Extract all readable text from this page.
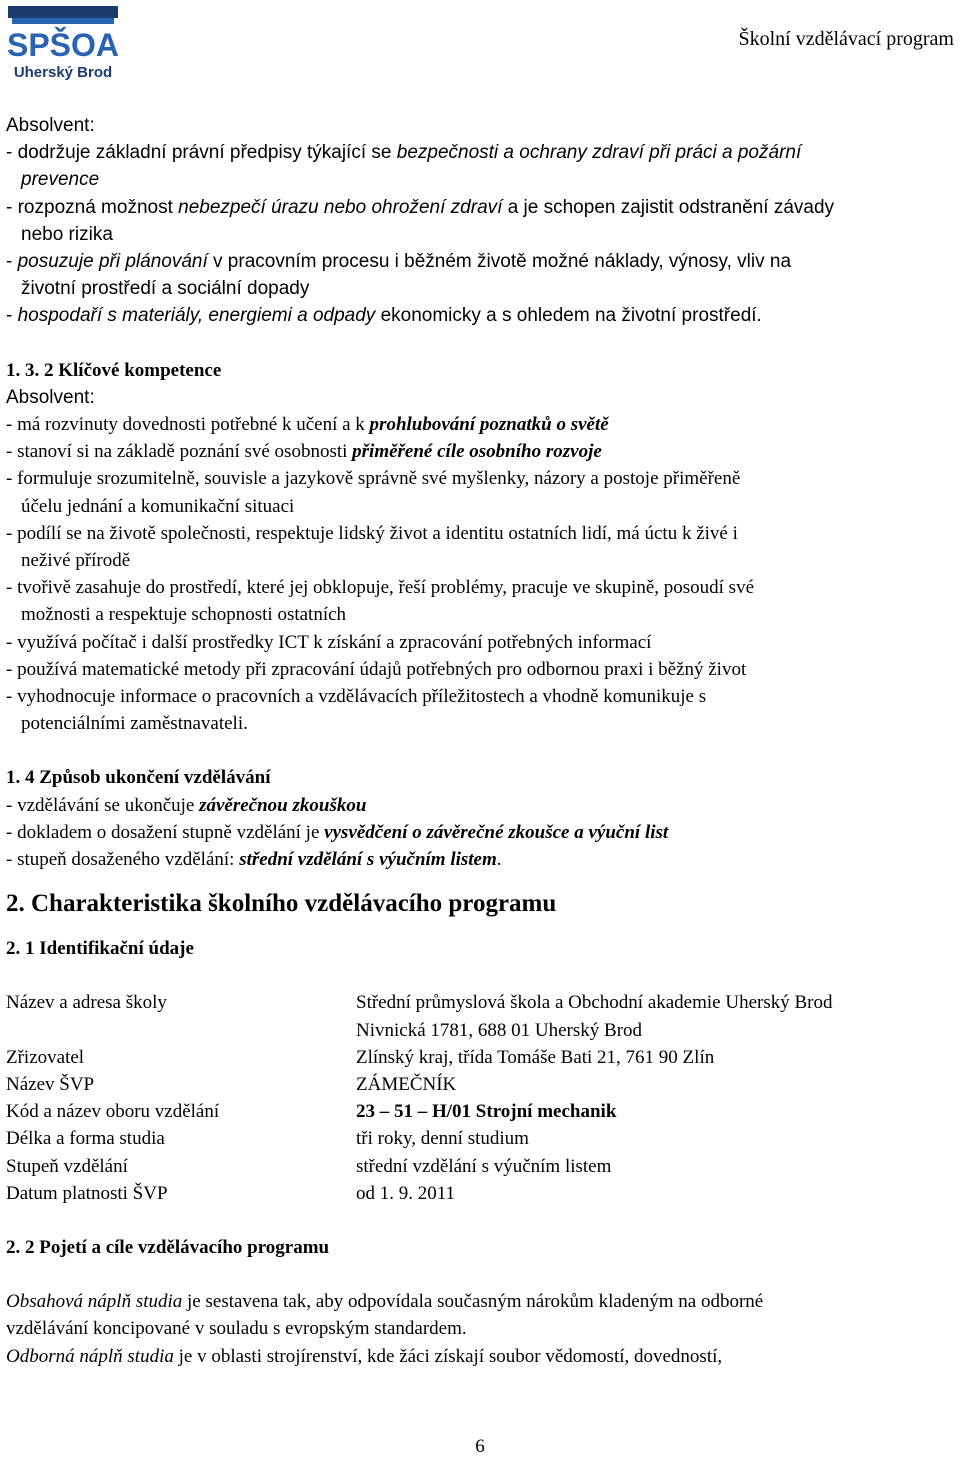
SPŠOA
Uherský Brod
Školní vzdělávací program
Absolvent:
- dodržuje základní právní předpisy týkající se bezpečnosti a ochrany zdraví při práci a požární
prevence
- rozpozná možnost nebezpečí úrazu nebo ohrožení zdraví a je schopen zajistit odstranění závady
nebo rizika
- posuzuje při plánování v pracovním procesu i běžném životě možné náklady, výnosy, vliv na
životní prostředí a sociální dopady
- hospodaří s materiály, energiemi a odpady ekonomicky a s ohledem na životní prostředí.
1. 3. 2 Klíčové kompetence
Absolvent:
- má rozvinuty dovednosti potřebné k učení a k prohlubování poznatků o světě
- stanoví si na základě poznání své osobnosti přiměřené cíle osobního rozvoje
- formuluje srozumitelně, souvisle a jazykově správně své myšlenky, názory a postoje přiměřeně
účelu jednání a komunikační situaci
- podílí se na životě společnosti, respektuje lidský život a identitu ostatních lidí, má úctu k živé i
neživé přírodě
- tvořivě zasahuje do prostředí, které jej obklopuje, řeší problémy, pracuje ve skupině, posoudí své
možnosti a respektuje schopnosti ostatních
- využívá počítač i další prostředky ICT k získání a zpracování potřebných informací
- používá matematické metody při zpracování údajů potřebných pro odbornou praxi i běžný život
- vyhodnocuje informace o pracovních a vzdělávacích příležitostech a vhodně komunikuje s
potenciálními zaměstnavateli.
1. 4 Způsob ukončení vzdělávání
- vzdělávání se ukončuje závěrečnou zkouškou
- dokladem o dosažení stupně vzdělání je vysvědčení o závěrečné zkoušce a výuční list
- stupeň dosaženého vzdělání: střední vzdělání s výučním listem.
2. Charakteristika školního vzdělávacího programu
2. 1 Identifikační údaje
Název a adresa školy	Střední průmyslová škola a Obchodní akademie Uherský Brod
Nivnická 1781, 688 01 Uherský Brod
Zřizovatel	Zlínský kraj, třída Tomáše Bati 21, 761 90 Zlín
Název ŠVP	ZÁMEČNÍK
Kód a název oboru vzdělání	23 – 51 – H/01 Strojní mechanik
Délka a forma studia	tři roky, denní studium
Stupeň vzdělání	střední vzdělání s výučním listem
Datum platnosti ŠVP	od 1. 9. 2011
2. 2 Pojetí a cíle vzdělávacího programu
Obsahová náplň studia je sestavena tak, aby odpovídala současným nárokům kladeným na odborné
vzdělávání koncipované v souladu s evropským standardem.
Odborná náplň studia je v oblasti strojírenství, kde žáci získají soubor vědomostí, dovedností,
6
